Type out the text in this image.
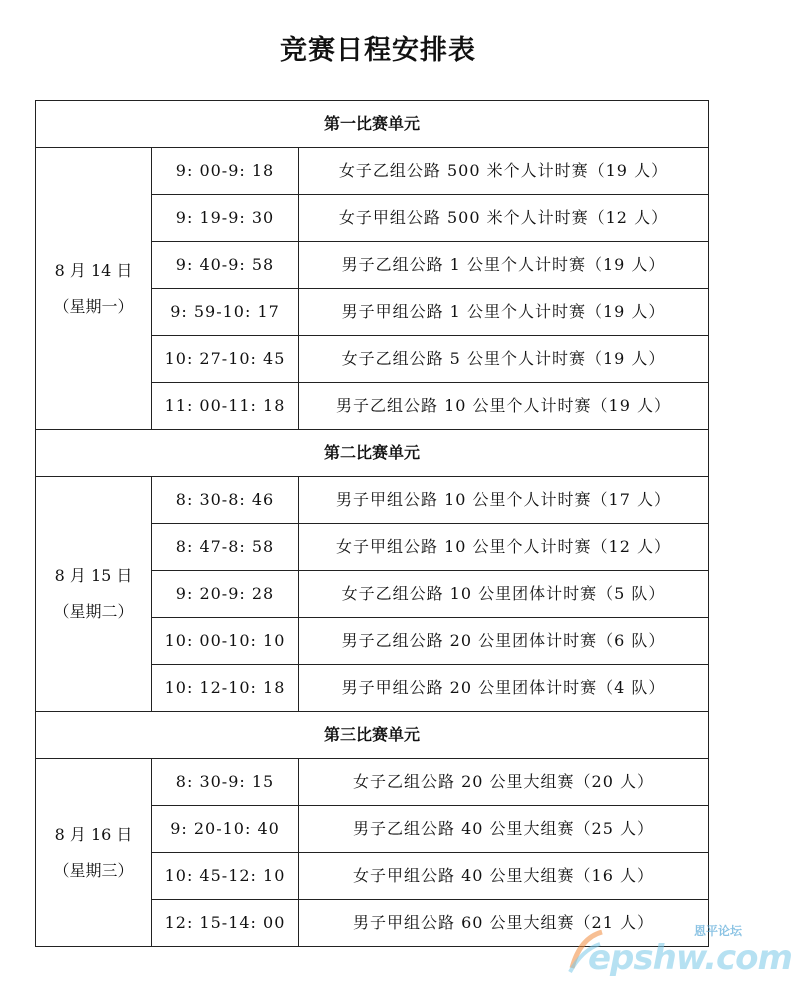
竞赛日程安排表
第一比赛单元		

8 月 14 日
（星期一）	9: 00-9: 18	女子乙组公路 500 米个人计时赛（19 人）
	9: 19-9: 30	女子甲组公路 500 米个人计时赛（12 人）
	9: 40-9: 58	男子乙组公路 1 公里个人计时赛（19 人）
	9: 59-10: 17	男子甲组公路 1 公里个人计时赛（19 人）
	10: 27-10: 45	女子乙组公路 5 公里个人计时赛（19 人）
	11: 00-11: 18	男子乙组公路 10 公里个人计时赛（19 人）
第二比赛单元		

8 月 15 日
（星期二）	8: 30-8: 46	男子甲组公路 10 公里个人计时赛（17 人）
	8: 47-8: 58	女子甲组公路 10 公里个人计时赛（12 人）
	9: 20-9: 28	女子乙组公路 10 公里团体计时赛（5 队）
	10: 00-10: 10	男子乙组公路 20 公里团体计时赛（6 队）
	10: 12-10: 18	男子甲组公路 20 公里团体计时赛（4 队）
第三比赛单元		

8 月 16 日
（星期三）	8: 30-9: 15	女子乙组公路 20 公里大组赛（20 人）
	9: 20-10: 40	男子乙组公路 40 公里大组赛（25 人）
	10: 45-12: 10	女子甲组公路 40 公里大组赛（16 人）
	12: 15-14: 00	男子甲组公路 60 公里大组赛（21 人）
epshw.com
恩平论坛
